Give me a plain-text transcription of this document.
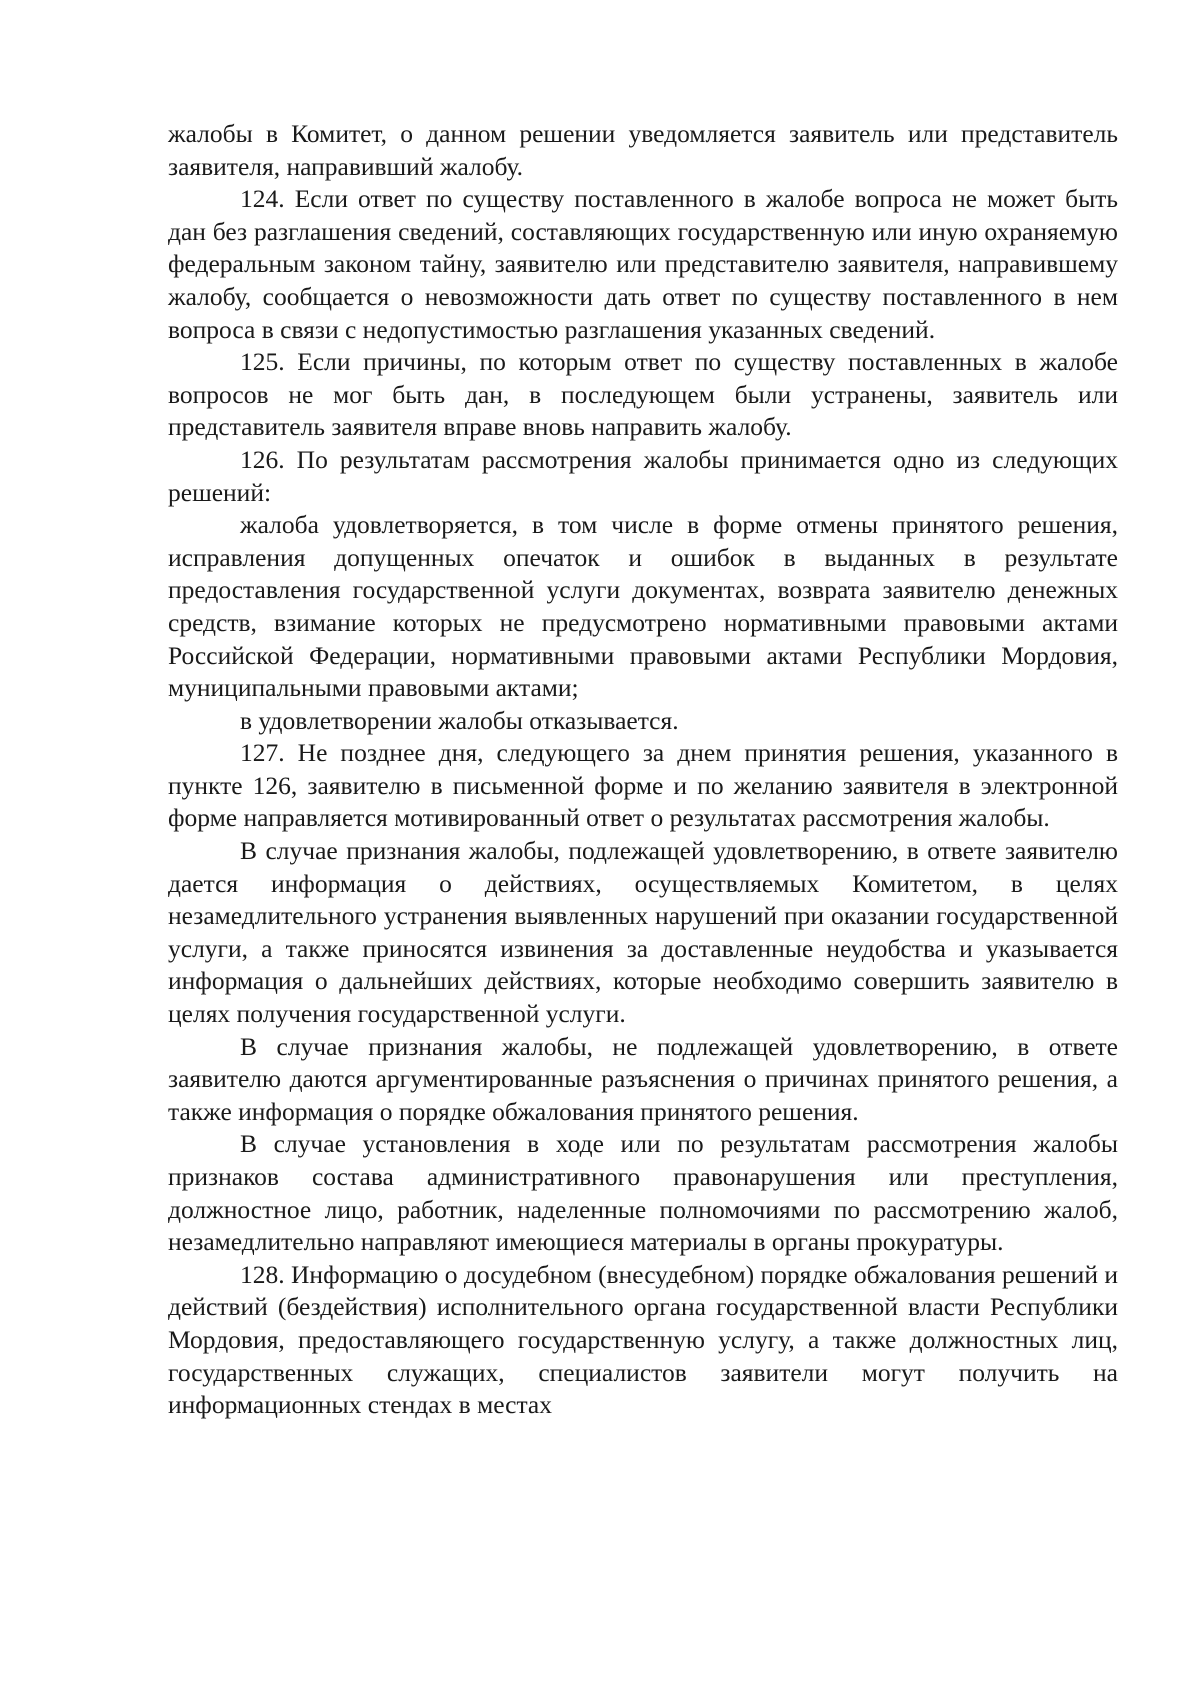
жалобы в Комитет, о данном решении уведомляется заявитель или представитель заявителя, направивший жалобу.

124. Если ответ по существу поставленного в жалобе вопроса не может быть дан без разглашения сведений, составляющих государственную или иную охраняемую федеральным законом тайну, заявителю или представителю заявителя, направившему жалобу, сообщается о невозможности дать ответ по существу поставленного в нем вопроса в связи с недопустимостью разглашения указанных сведений.

125. Если причины, по которым ответ по существу поставленных в жалобе вопросов не мог быть дан, в последующем были устранены, заявитель или представитель заявителя вправе вновь направить жалобу.

126. По результатам рассмотрения жалобы принимается одно из следующих решений:

жалоба удовлетворяется, в том числе в форме отмены принятого решения, исправления допущенных опечаток и ошибок в выданных в результате предоставления государственной услуги документах, возврата заявителю денежных средств, взимание которых не предусмотрено нормативными правовыми актами Российской Федерации, нормативными правовыми актами Республики Мордовия, муниципальными правовыми актами;

в удовлетворении жалобы отказывается.

127. Не позднее дня, следующего за днем принятия решения, указанного в пункте 126, заявителю в письменной форме и по желанию заявителя в электронной форме направляется мотивированный ответ о результатах рассмотрения жалобы.

В случае признания жалобы, подлежащей удовлетворению, в ответе заявителю дается информация о действиях, осуществляемых Комитетом, в целях незамедлительного устранения выявленных нарушений при оказании государственной услуги, а также приносятся извинения за доставленные неудобства и указывается информация о дальнейших действиях, которые необходимо совершить заявителю в целях получения государственной услуги.

В случае признания жалобы, не подлежащей удовлетворению, в ответе заявителю даются аргументированные разъяснения о причинах принятого решения, а также информация о порядке обжалования принятого решения.

В случае установления в ходе или по результатам рассмотрения жалобы признаков состава административного правонарушения или преступления, должностное лицо, работник, наделенные полномочиями по рассмотрению жалоб, незамедлительно направляют имеющиеся материалы в органы прокуратуры.

128. Информацию о досудебном (внесудебном) порядке обжалования решений и действий (бездействия) исполнительного органа государственной власти Республики Мордовия, предоставляющего государственную услугу, а также должностных лиц, государственных служащих, специалистов заявители могут получить на информационных стендах в местах
